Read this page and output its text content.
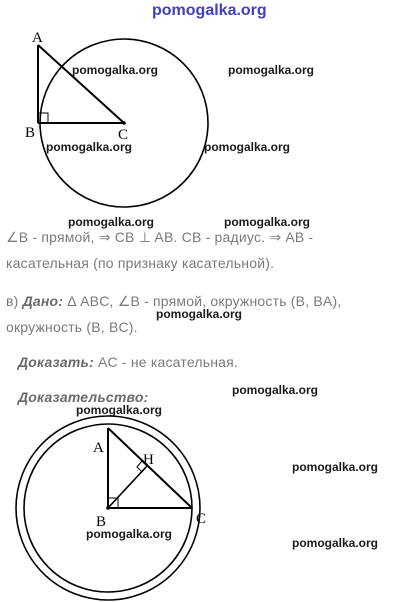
pomogalka.org
A
B	C
pomogalka.org	pomogalka.org
pomogalka.org	pomogalka.org
pomogalka.org	pomogalka.org
∠B - прямой, ⇒ CB ⊥ AB. CB - радиус. ⇒ AB -
касательная (по признаку касательной).
в) Дано: Δ ABC, ∠B - прямой, окружность (B, BA),
pomogalka.org
окружность (B, BC).
Доказать: AC - не касательная.
pomogalka.org
Доказательство:
pomogalka.org
A
H
B	C
pomogalka.org
pomogalka.org
pomogalka.org
